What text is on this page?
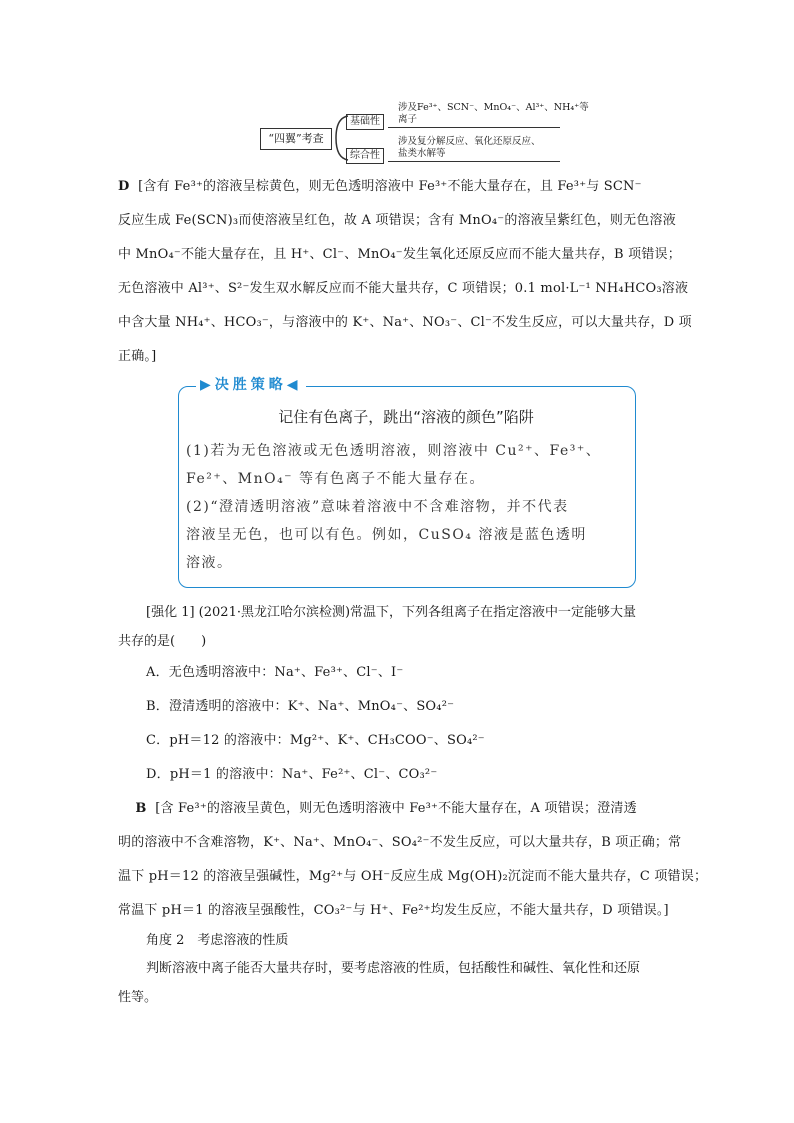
“四翼”考查
基础性
综合性
涉及Fe³⁺、SCN⁻、MnO₄⁻、Al³⁺、NH₄⁺等
离子
涉及复分解反应、氧化还原反应、
盐类水解等
D [含有 Fe³⁺的溶液呈棕黄色，则无色透明溶液中 Fe³⁺不能大量存在，且 Fe³⁺与 SCN⁻
反应生成 Fe(SCN)₃而使溶液呈红色，故 A 项错误；含有 MnO₄⁻的溶液呈紫红色，则无色溶液
中 MnO₄⁻不能大量存在，且 H⁺、Cl⁻、MnO₄⁻发生氧化还原反应而不能大量共存，B 项错误；
无色溶液中 Al³⁺、S²⁻发生双水解反应而不能大量共存，C 项错误；0.1 mol·L⁻¹ NH₄HCO₃溶液
中含大量 NH₄⁺、HCO₃⁻，与溶液中的 K⁺、Na⁺、NO₃⁻、Cl⁻不发生反应，可以大量共存，D 项
正确。]
▶决胜策略◀
记住有色离子，跳出“溶液的颜色”陷阱
(1)若为无色溶液或无色透明溶液，则溶液中 Cu²⁺、Fe³⁺、
Fe²⁺、MnO₄⁻ 等有色离子不能大量存在。
(2)“澄清透明溶液”意味着溶液中不含难溶物，并不代表
溶液呈无色，也可以有色。例如，CuSO₄ 溶液是蓝色透明
溶液。
[强化 1] (2021·黑龙江哈尔滨检测)常温下，下列各组离子在指定溶液中一定能够大量
共存的是(　　)
A．无色透明溶液中：Na⁺、Fe³⁺、Cl⁻、I⁻
B．澄清透明的溶液中：K⁺、Na⁺、MnO₄⁻、SO₄²⁻
C．pH＝12 的溶液中：Mg²⁺、K⁺、CH₃COO⁻、SO₄²⁻
D．pH＝1 的溶液中：Na⁺、Fe²⁺、Cl⁻、CO₃²⁻
B [含 Fe³⁺的溶液呈黄色，则无色透明溶液中 Fe³⁺不能大量存在，A 项错误；澄清透
明的溶液中不含难溶物，K⁺、Na⁺、MnO₄⁻、SO₄²⁻不发生反应，可以大量共存，B 项正确；常
温下 pH＝12 的溶液呈强碱性，Mg²⁺与 OH⁻反应生成 Mg(OH)₂沉淀而不能大量共存，C 项错误；
常温下 pH＝1 的溶液呈强酸性，CO₃²⁻与 H⁺、Fe²⁺均发生反应，不能大量共存，D 项错误。]
角度 2　考虑溶液的性质
判断溶液中离子能否大量共存时，要考虑溶液的性质，包括酸性和碱性、氧化性和还原
性等。
